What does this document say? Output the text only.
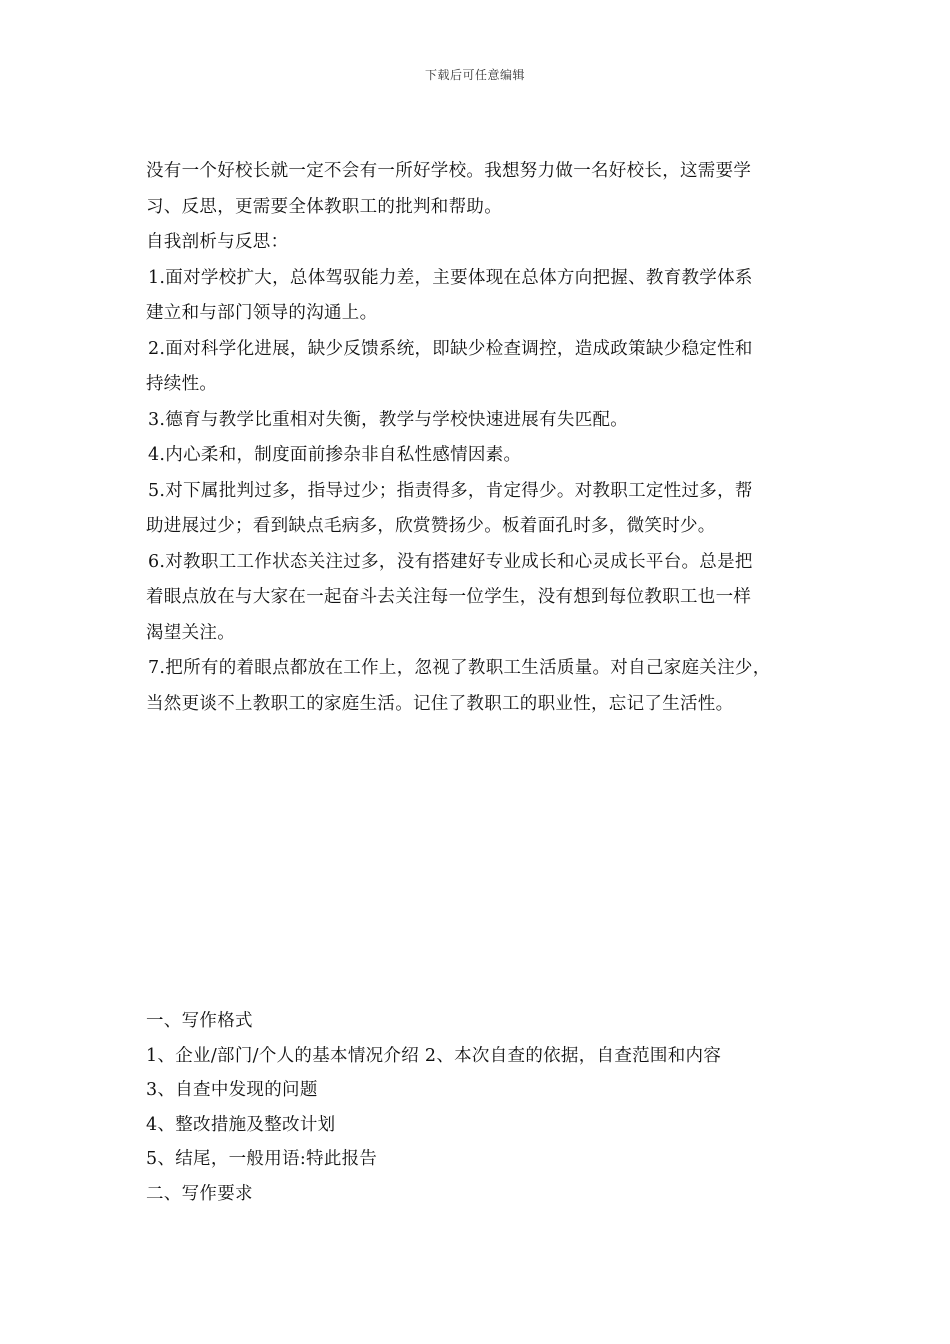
下载后可任意编辑
没有一个好校长就一定不会有一所好学校。我想努力做一名好校长，这需要学
习、反思，更需要全体教职工的批判和帮助。
自我剖析与反思：
1.面对学校扩大，总体驾驭能力差，主要体现在总体方向把握、教育教学体系
建立和与部门领导的沟通上。
2.面对科学化进展，缺少反馈系统，即缺少检查调控，造成政策缺少稳定性和
持续性。
3.德育与教学比重相对失衡，教学与学校快速进展有失匹配。
4.内心柔和，制度面前掺杂非自私性感情因素。
5.对下属批判过多，指导过少；指责得多，肯定得少。对教职工定性过多，帮
助进展过少；看到缺点毛病多，欣赏赞扬少。板着面孔时多，微笑时少。
6.对教职工工作状态关注过多，没有搭建好专业成长和心灵成长平台。总是把
着眼点放在与大家在一起奋斗去关注每一位学生，没有想到每位教职工也一样
渴望关注。
7.把所有的着眼点都放在工作上，忽视了教职工生活质量。对自己家庭关注少，
当然更谈不上教职工的家庭生活。记住了教职工的职业性，忘记了生活性。
一、写作格式
1、企业/部门/个人的基本情况介绍 2、本次自查的依据，自查范围和内容
3、自查中发现的问题
4、整改措施及整改计划
5、结尾，一般用语:特此报告
二、写作要求
